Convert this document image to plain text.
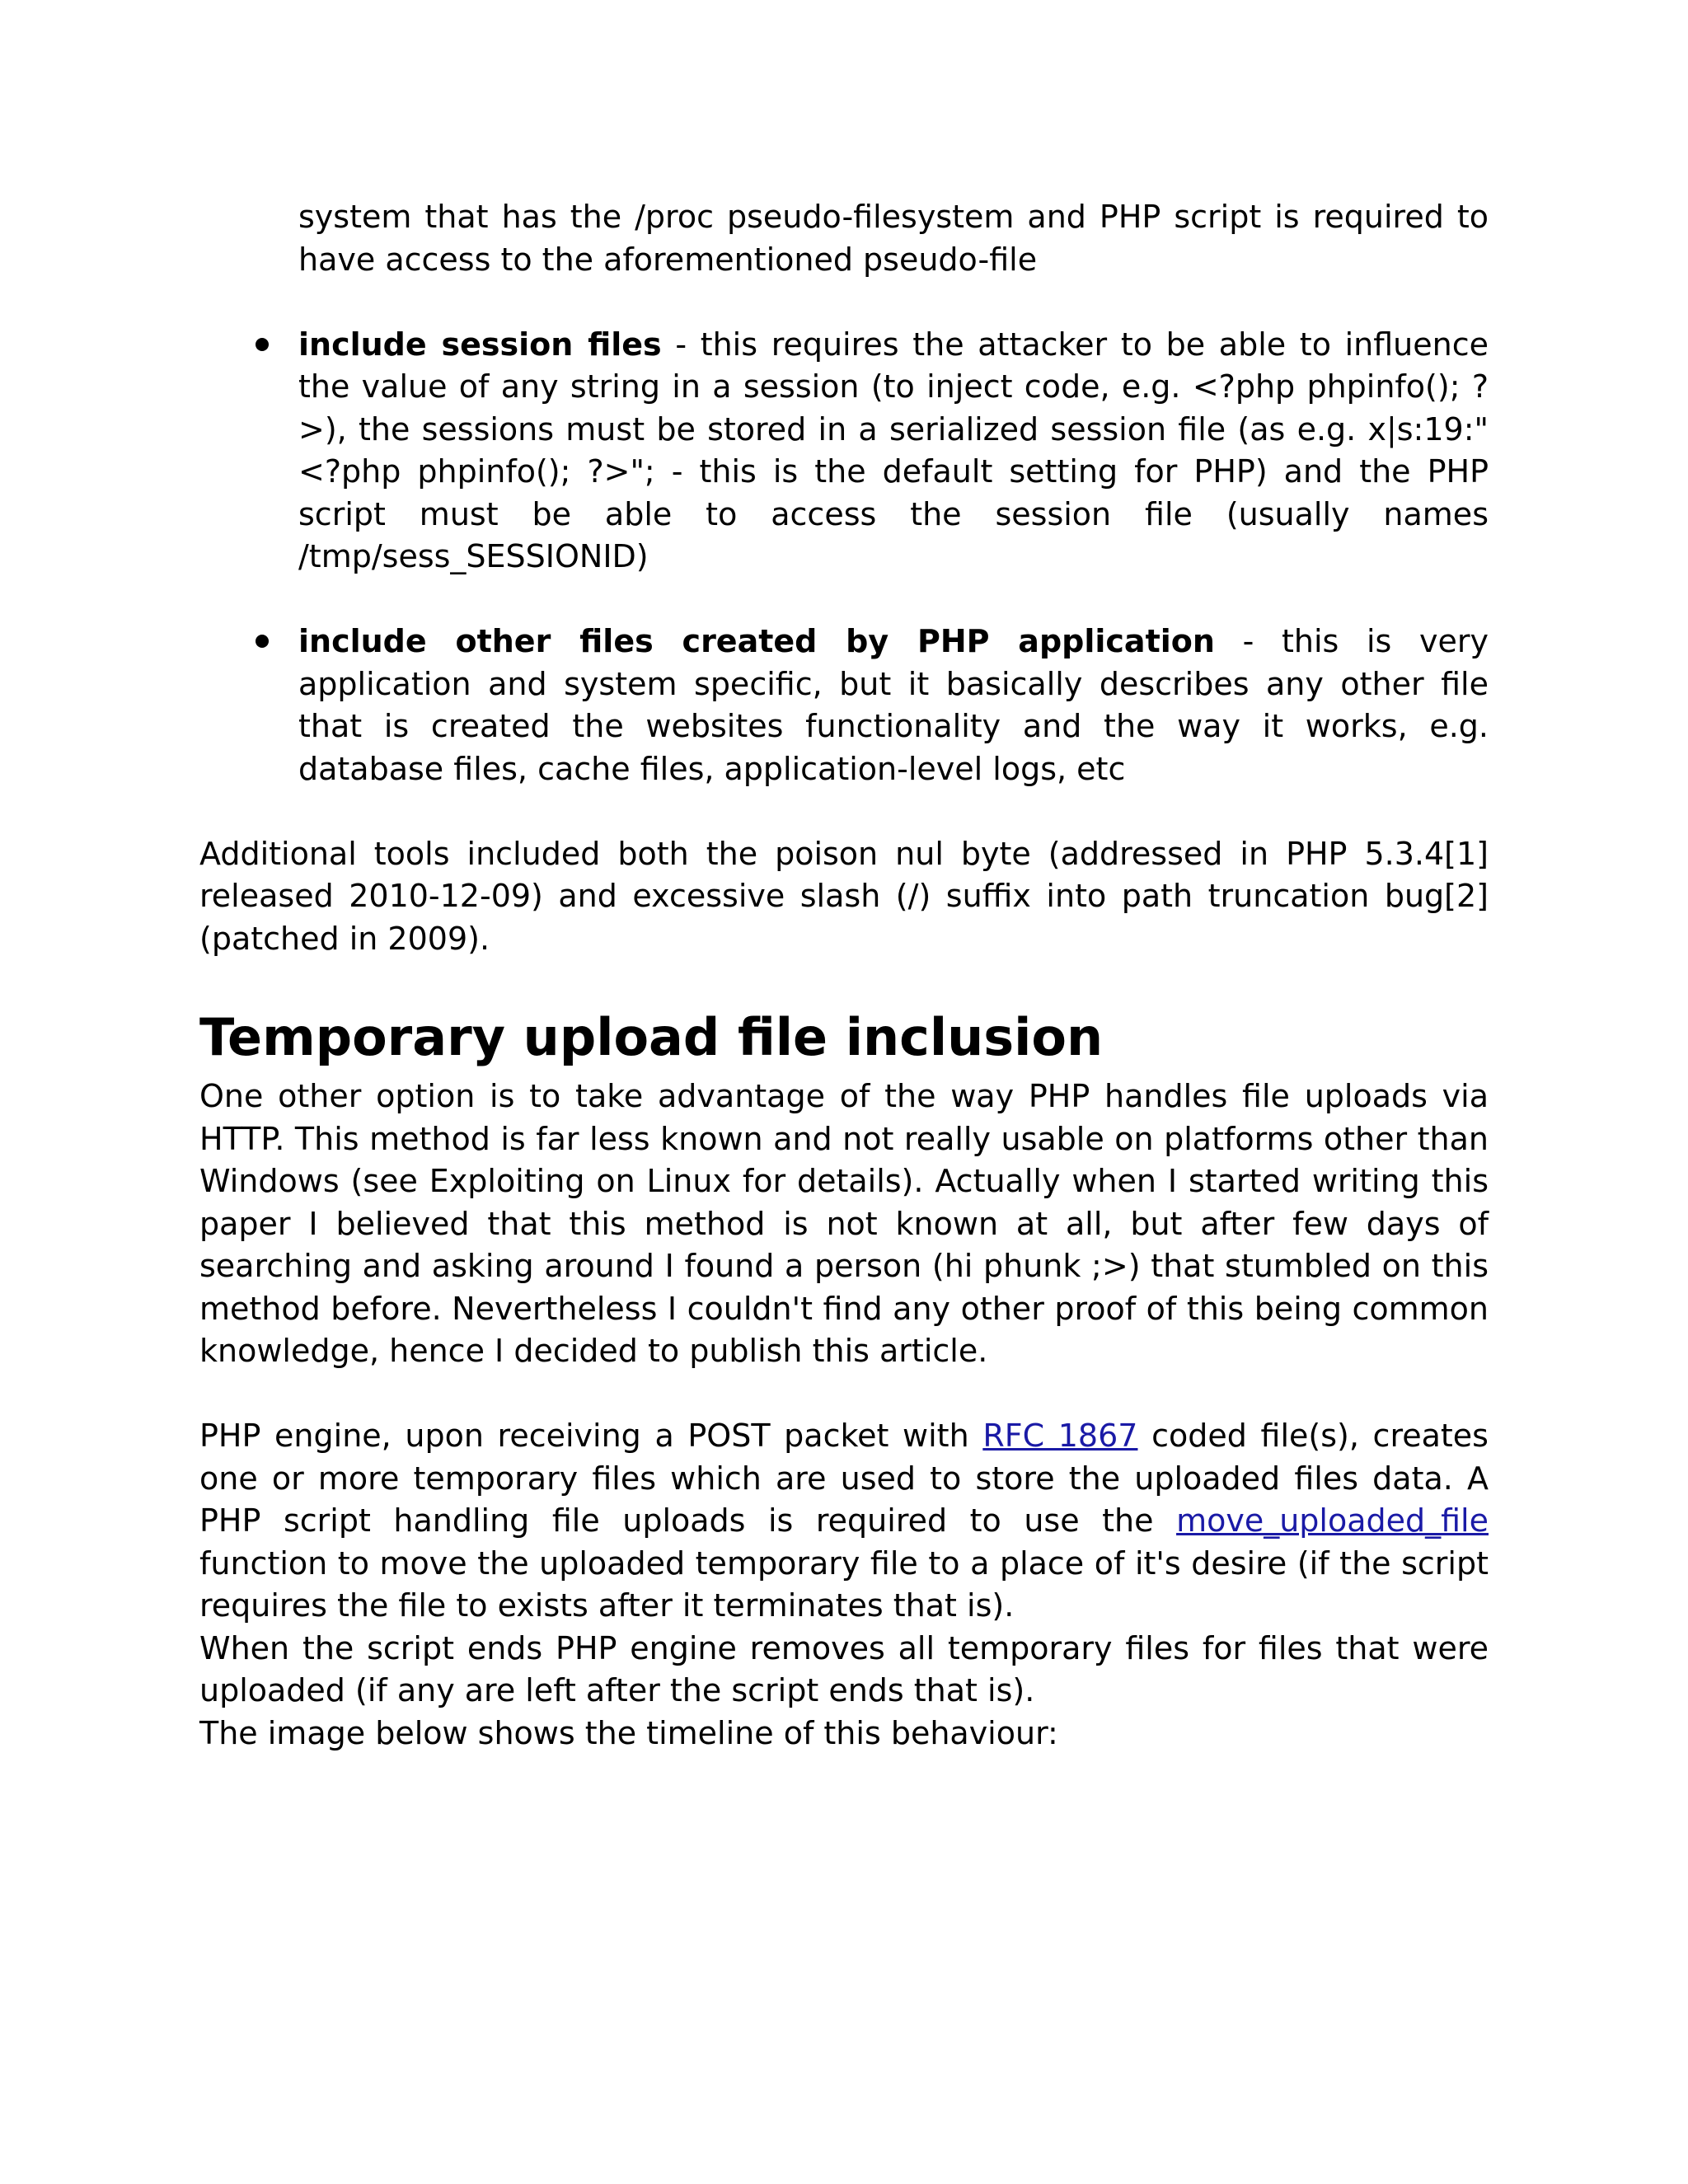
system that has the /proc pseudo-filesystem and PHP script is required to have access to the aforementioned pseudo-file

include session files - this requires the attacker to be able to influence the value of any string in a session (to inject code, e.g. <?php phpinfo(); ?>), the sessions must be stored in a serialized session file (as e.g. x|s:19:"<?php phpinfo(); ?>"; - this is the default setting for PHP) and the PHP script must be able to access the session file (usually names /tmp/sess_SESSIONID)

include other files created by PHP application - this is very application and system specific, but it basically describes any other file that is created the websites functionality and the way it works, e.g. database files, cache files, application-level logs, etc

Additional tools included both the poison nul byte (addressed in PHP 5.3.4[1] released 2010-12-09) and excessive slash (/) suffix into path truncation bug[2] (patched in 2009).

Temporary upload file inclusion

One other option is to take advantage of the way PHP handles file uploads via HTTP. This method is far less known and not really usable on platforms other than Windows (see Exploiting on Linux for details). Actually when I started writing this paper I believed that this method is not known at all, but after few days of searching and asking around I found a person (hi phunk ;>) that stumbled on this method before. Nevertheless I couldn't find any other proof of this being common knowledge, hence I decided to publish this article.

PHP engine, upon receiving a POST packet with RFC 1867 coded file(s), creates one or more temporary files which are used to store the uploaded files data. A PHP script handling file uploads is required to use the move_uploaded_file function to move the uploaded temporary file to a place of it's desire (if the script requires the file to exists after it terminates that is).

When the script ends PHP engine removes all temporary files for files that were uploaded (if any are left after the script ends that is).

The image below shows the timeline of this behaviour:
